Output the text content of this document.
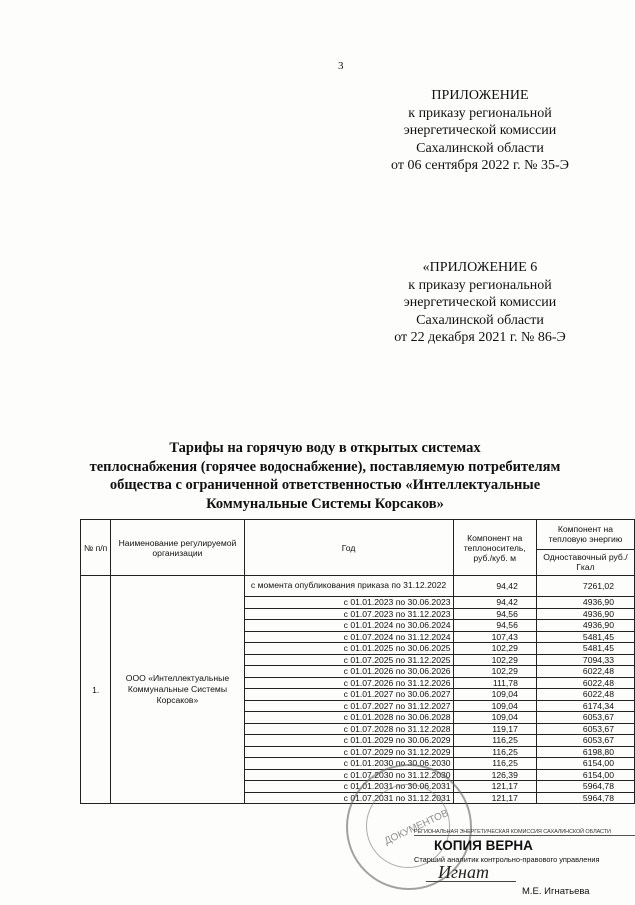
3
ПРИЛОЖЕНИЕ
к приказу региональной
энергетической комиссии
Сахалинской области
от 06 сентября 2022 г. № 35-Э
«ПРИЛОЖЕНИЕ 6
к приказу региональной
энергетической комиссии
Сахалинской области
от 22 декабря 2021 г. № 86-Э
Тарифы на горячую воду в открытых системах
теплоснабжения (горячее водоснабжение), поставляемую потребителям
общества с ограниченной ответственностью «Интеллектуальные
Коммунальные Системы Корсаков»
№ п/п	Наименование регулируемой организации	Год	Компонент на теплоноситель, руб./куб. м	Компонент на тепловую энергию
				Одноставочный руб./Гкал
1.	ООО «Интеллектуальные Коммунальные Системы Корсаков»	с момента опубликования приказа по 31.12.2022	94,42	7261,02
		с 01.01.2023 по 30.06.2023	94,42	4936,90
		с 01.07.2023 по 31.12.2023	94,56	4936,90
		с 01.01.2024 по 30.06.2024	94,56	4936,90
		с 01.07.2024 по 31.12.2024	107,43	5481,45
		с 01.01.2025 по 30.06.2025	102,29	5481,45
		с 01.07.2025 по 31.12.2025	102,29	7094,33
		с 01.01.2026 по 30.06.2026	102,29	6022,48
		с 01.07.2026 по 31.12.2026	111,78	6022,48
		с 01.01.2027 по 30.06.2027	109,04	6022,48
		с 01.07.2027 по 31.12.2027	109,04	6174,34
		с 01.01.2028 по 30.06.2028	109,04	6053,67
		с 01.07.2028 по 31.12.2028	119,17	6053,67
		с 01.01.2029 по 30.06.2029	116,25	6053,67
		с 01.07.2029 по 31.12.2029	116,25	6198,80
		с 01.01.2030 по 30.06.2030	116,25	6154,00
		с 01.07.2030 по 31.12.2030	126,39	6154,00
		с 01.01.2031 по 30.06.2031	121,17	5964,78
		с 01.07.2031 по 31.12.2031	121,17	5964,78
ДОКУМЕНТОВ
РЕГИОНАЛЬНАЯ ЭНЕРГЕТИЧЕСКАЯ КОМИССИЯ САХАЛИНСКОЙ ОБЛАСТИ
КОПИЯ ВЕРНА
Старший аналитик контрольно-правового управления
Игнат
М.Е. Игнатьева
